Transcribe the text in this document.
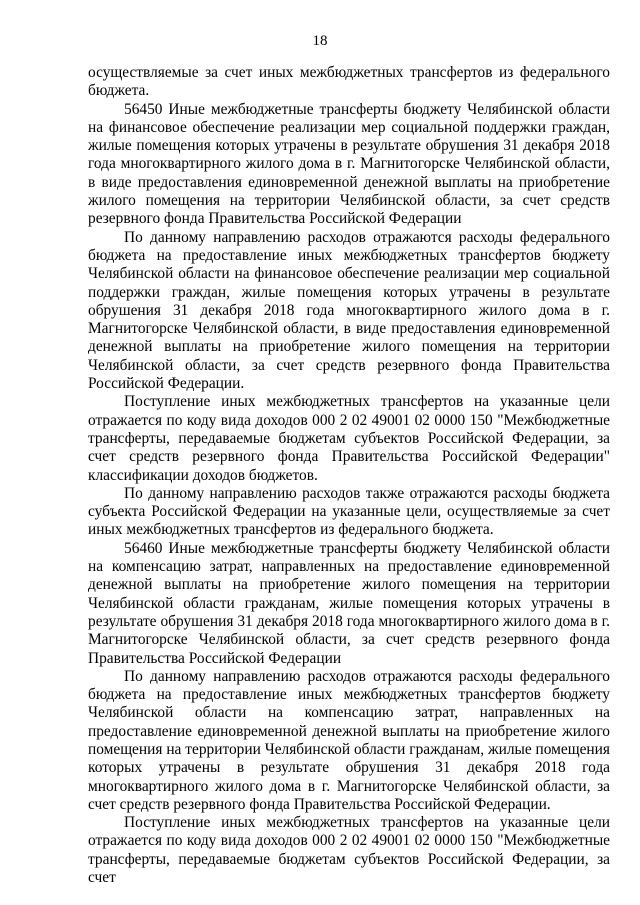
18

осуществляемые за счет иных межбюджетных трансфертов из федерального бюджета.

56450 Иные межбюджетные трансферты бюджету Челябинской области на финансовое обеспечение реализации мер социальной поддержки граждан, жилые помещения которых утрачены в результате обрушения 31 декабря 2018 года многоквартирного жилого дома в г. Магнитогорске Челябинской области, в виде предоставления единовременной денежной выплаты на приобретение жилого помещения на территории Челябинской области, за счет средств резервного фонда Правительства Российской Федерации

По данному направлению расходов отражаются расходы федерального бюджета на предоставление иных межбюджетных трансфертов бюджету Челябинской области на финансовое обеспечение реализации мер социальной поддержки граждан, жилые помещения которых утрачены в результате обрушения 31 декабря 2018 года многоквартирного жилого дома в г. Магнитогорске Челябинской области, в виде предоставления единовременной денежной выплаты на приобретение жилого помещения на территории Челябинской области, за счет средств резервного фонда Правительства Российской Федерации.

Поступление иных межбюджетных трансфертов на указанные цели отражается по коду вида доходов 000 2 02 49001 02 0000 150 "Межбюджетные трансферты, передаваемые бюджетам субъектов Российской Федерации, за счет средств резервного фонда Правительства Российской Федерации" классификации доходов бюджетов.

По данному направлению расходов также отражаются расходы бюджета субъекта Российской Федерации на указанные цели, осуществляемые за счет иных межбюджетных трансфертов из федерального бюджета.

56460 Иные межбюджетные трансферты бюджету Челябинской области на компенсацию затрат, направленных на предоставление единовременной денежной выплаты на приобретение жилого помещения на территории Челябинской области гражданам, жилые помещения которых утрачены в результате обрушения 31 декабря 2018 года многоквартирного жилого дома в г. Магнитогорске Челябинской области, за счет средств резервного фонда Правительства Российской Федерации

По данному направлению расходов отражаются расходы федерального бюджета на предоставление иных межбюджетных трансфертов бюджету Челябинской области на компенсацию затрат, направленных на предоставление единовременной денежной выплаты на приобретение жилого помещения на территории Челябинской области гражданам, жилые помещения которых утрачены в результате обрушения 31 декабря 2018 года многоквартирного жилого дома в г. Магнитогорске Челябинской области, за счет средств резервного фонда Правительства Российской Федерации.

Поступление иных межбюджетных трансфертов на указанные цели отражается по коду вида доходов 000 2 02 49001 02 0000 150 "Межбюджетные трансферты, передаваемые бюджетам субъектов Российской Федерации, за счет
